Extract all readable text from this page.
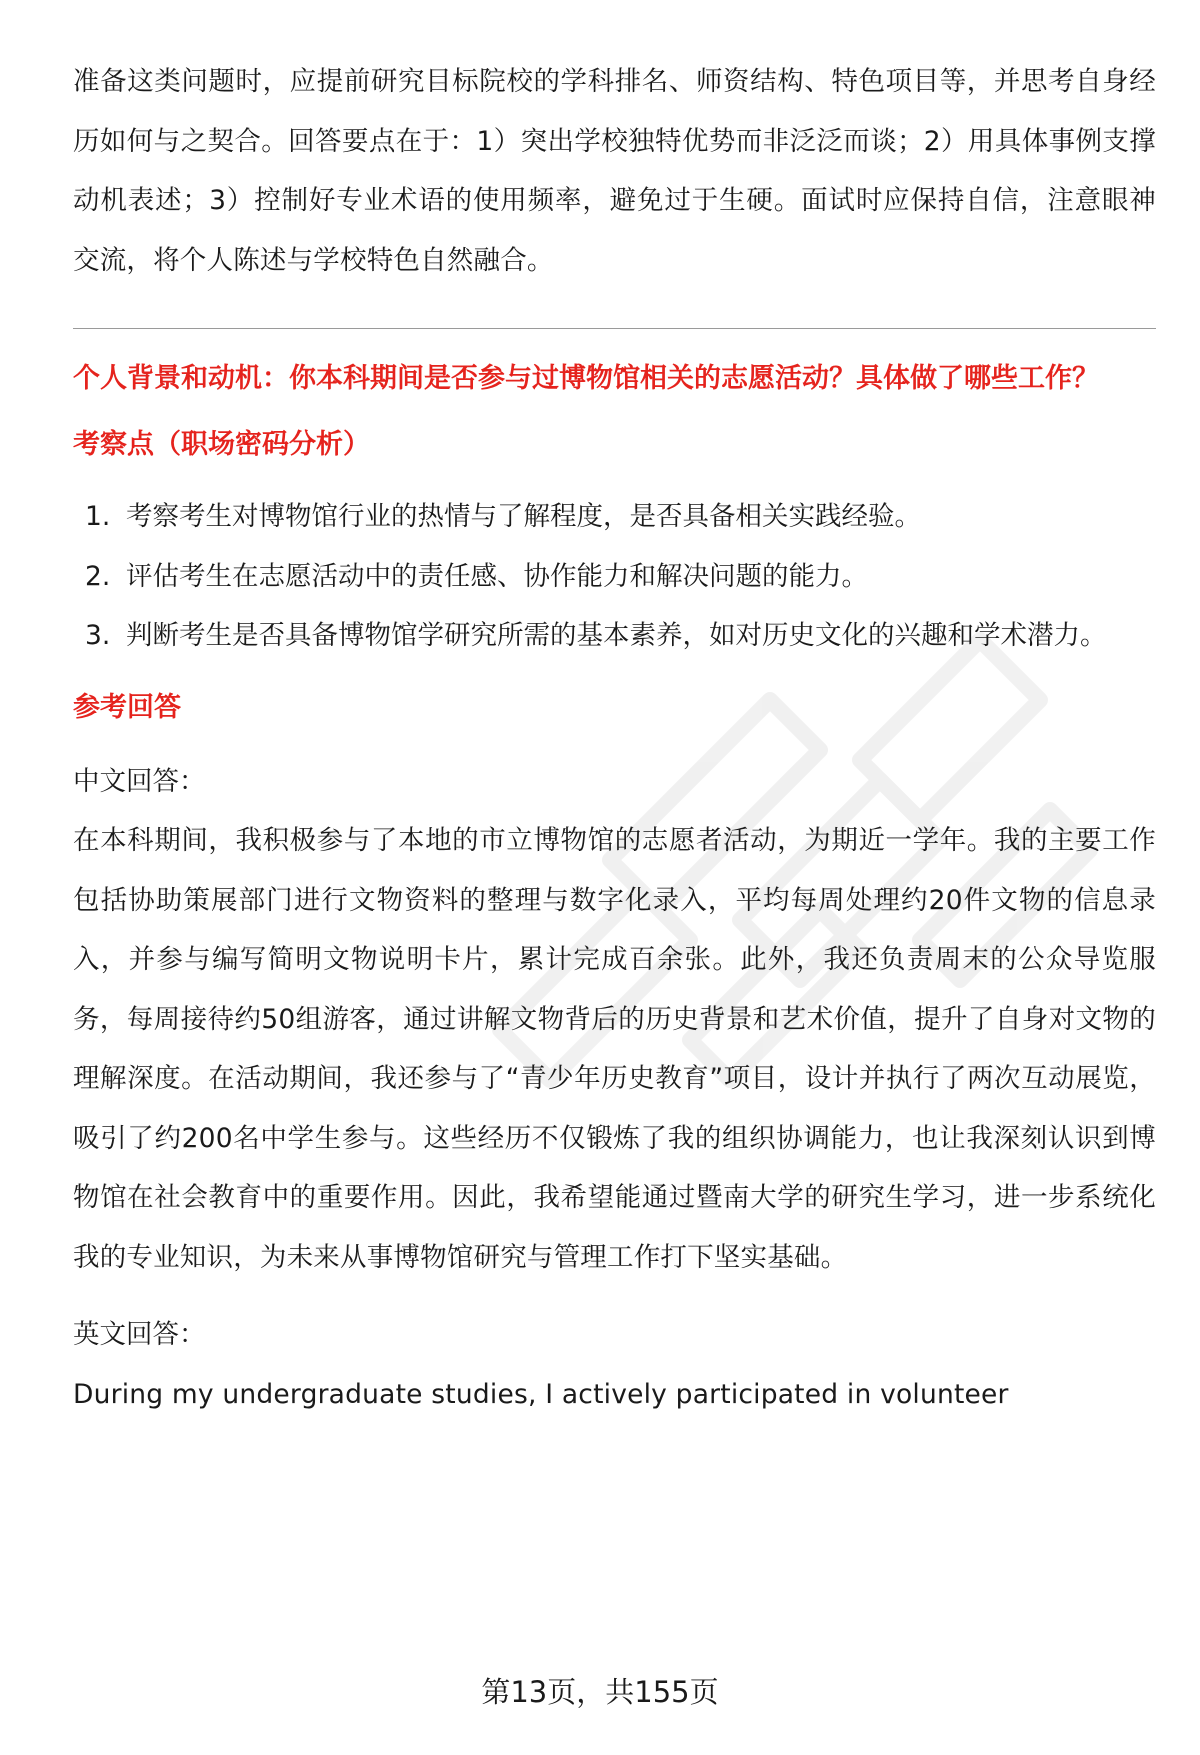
准备这类问题时，应提前研究目标院校的学科排名、师资结构、特色项目等，并思考自身经历如何与之契合。回答要点在于：1）突出学校独特优势而非泛泛而谈；2）用具体事例支撑动机表述；3）控制好专业术语的使用频率，避免过于生硬。面试时应保持自信，注意眼神交流，将个人陈述与学校特色自然融合。

个人背景和动机：你本科期间是否参与过博物馆相关的志愿活动？具体做了哪些工作？

考察点（职场密码分析）

1. 考察考生对博物馆行业的热情与了解程度，是否具备相关实践经验。
2. 评估考生在志愿活动中的责任感、协作能力和解决问题的能力。
3. 判断考生是否具备博物馆学研究所需的基本素养，如对历史文化的兴趣和学术潜力。

参考回答

中文回答：

在本科期间，我积极参与了本地的市立博物馆的志愿者活动，为期近一学年。我的主要工作包括协助策展部门进行文物资料的整理与数字化录入，平均每周处理约20件文物的信息录入，并参与编写简明文物说明卡片，累计完成百余张。此外，我还负责周末的公众导览服务，每周接待约50组游客，通过讲解文物背后的历史背景和艺术价值，提升了自身对文物的理解深度。在活动期间，我还参与了“青少年历史教育”项目，设计并执行了两次互动展览，吸引了约200名中学生参与。这些经历不仅锻炼了我的组织协调能力，也让我深刻认识到博物馆在社会教育中的重要作用。因此，我希望能通过暨南大学的研究生学习，进一步系统化我的专业知识，为未来从事博物馆研究与管理工作打下坚实基础。

英文回答：

During my undergraduate studies, I actively participated in volunteer

第13页，共155页
